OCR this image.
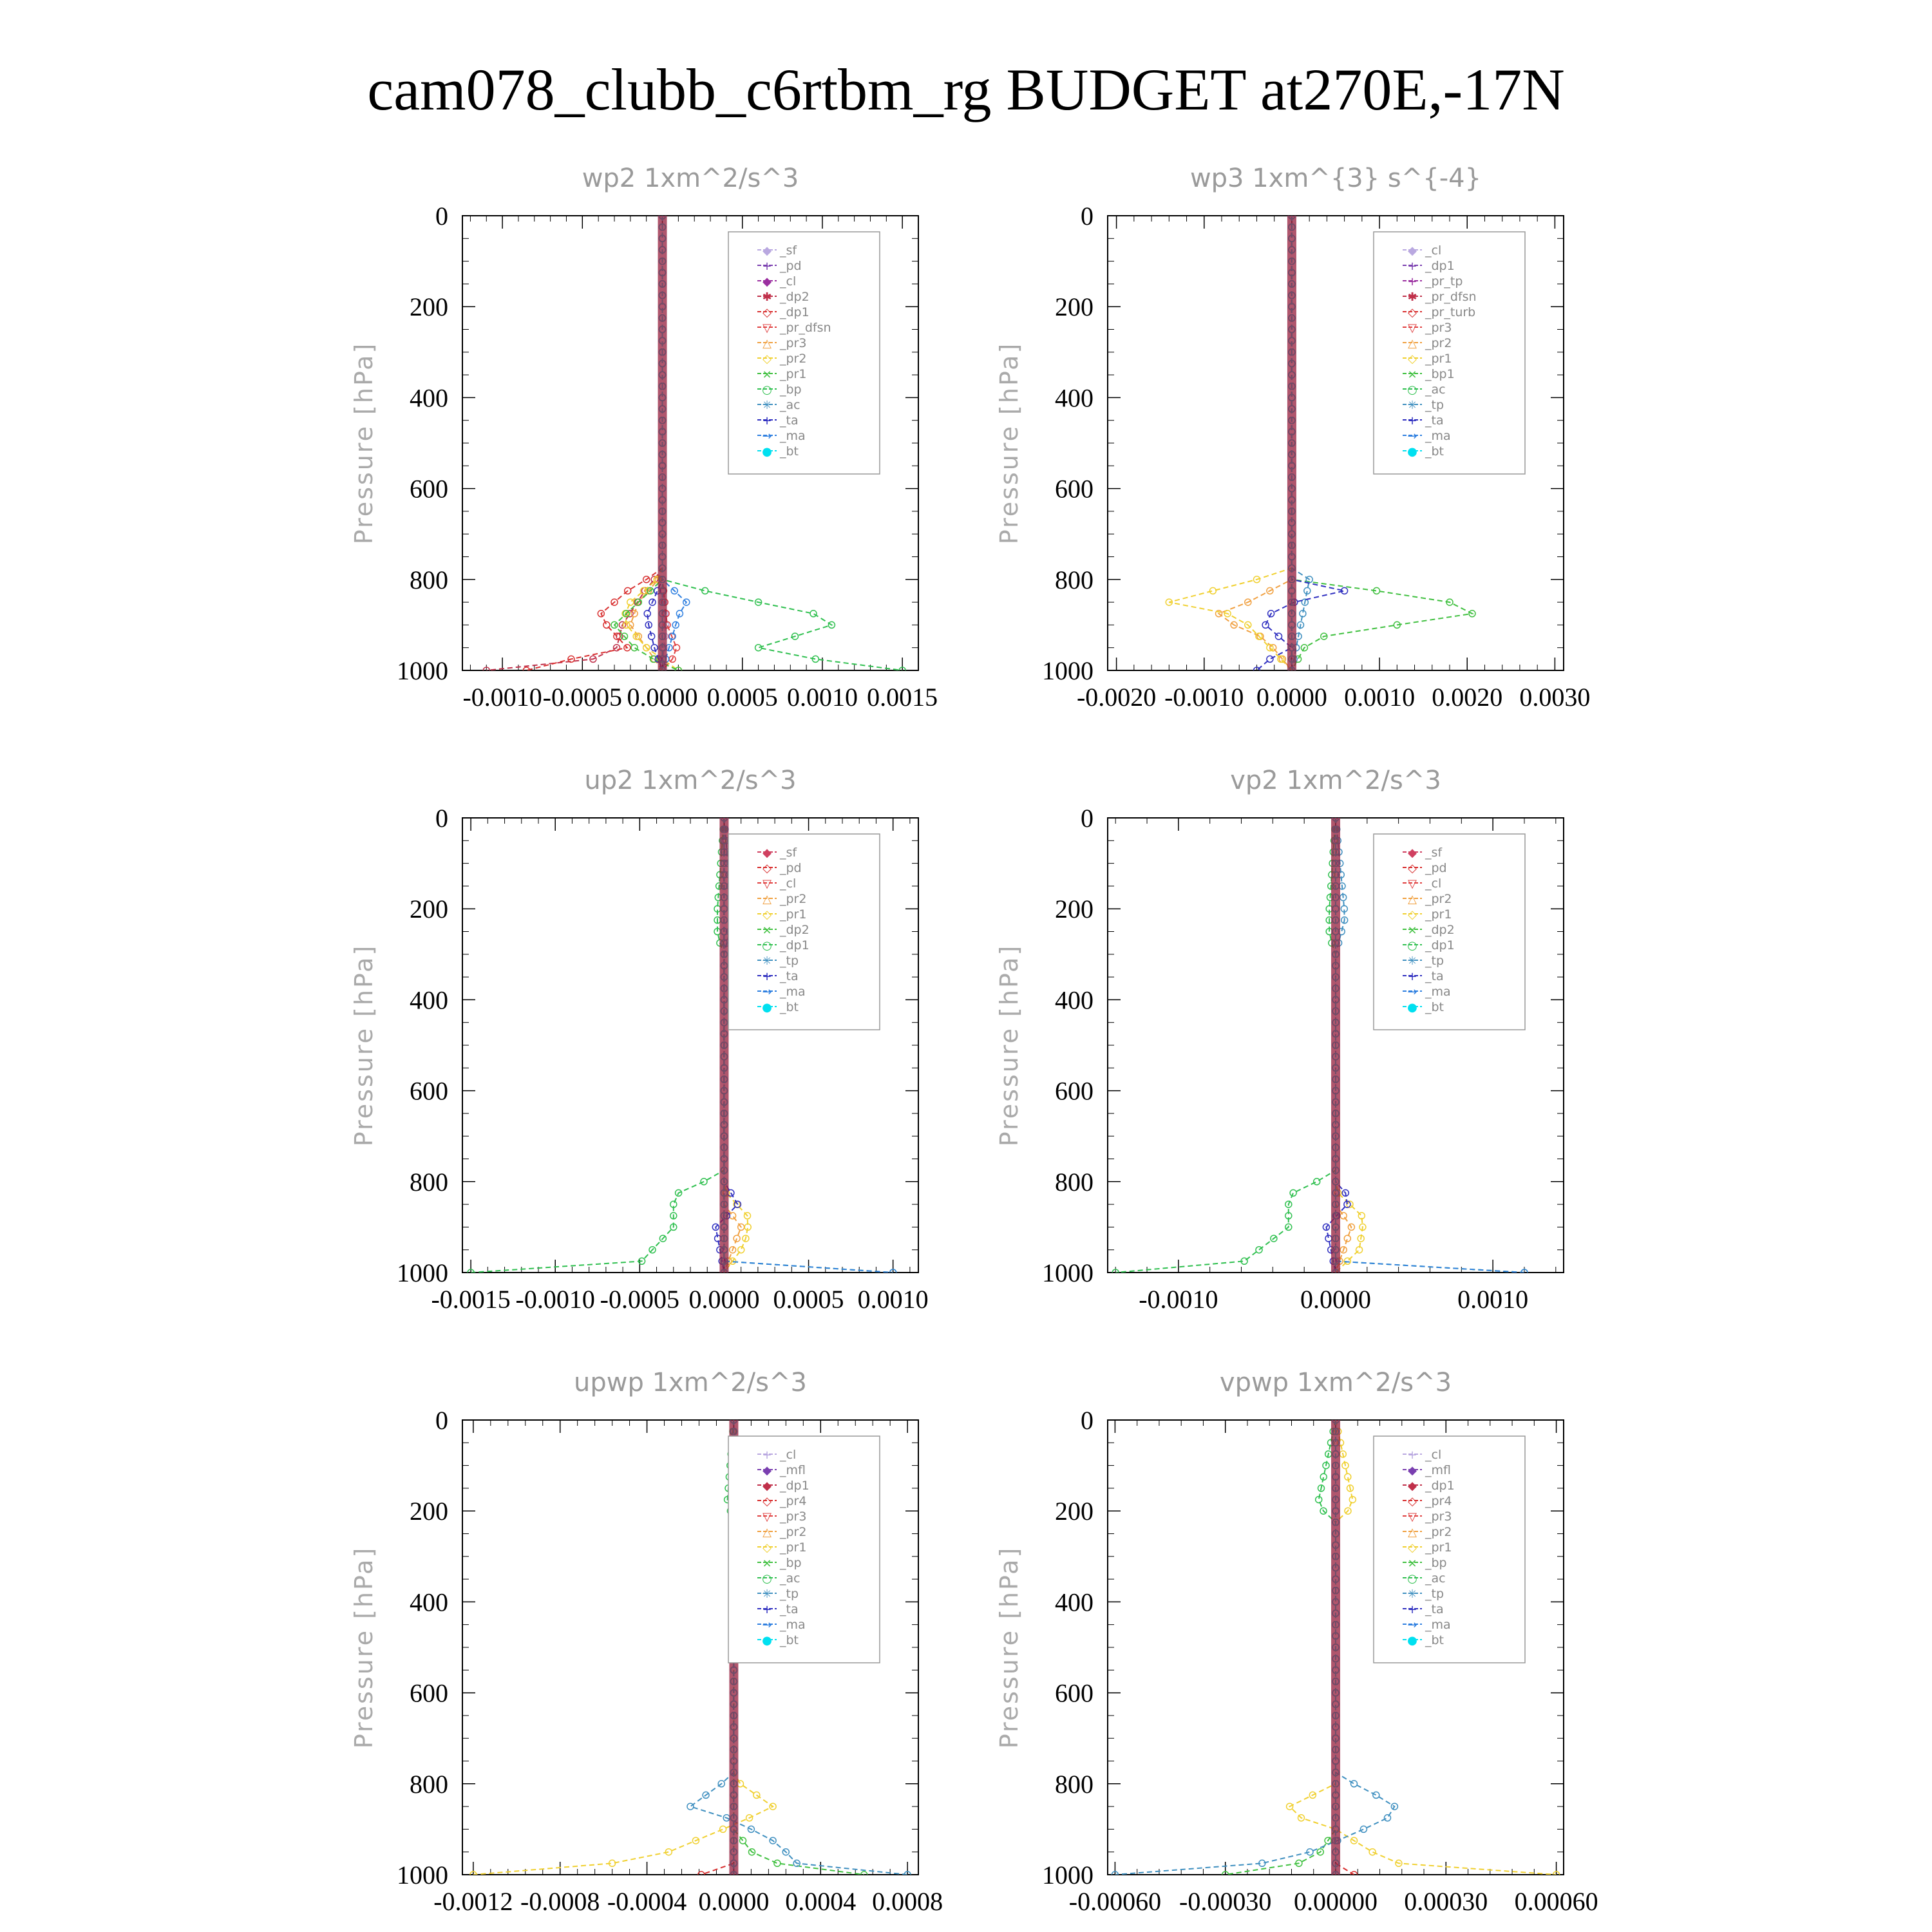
cam078_clubb_c6rtbm_rg BUDGET at270E,-17N
wp2 1xm^2/s^3
Pressure [hPa]
0
200
400
600
800
1000
-0.0010 -0.0005 0.0000 0.0005 0.0010 0.0015
◆ _sf
+ _pd
◆ _cl
✱ _dp2
◇ _dp1
▽ _pr_dfsn
△ _pr3
◇ _pr2
× _pr1
○ _bp
✳ _ac
+ _ta
→ _ma
● _bt
wp3 1xm^{3} s^{-4}
Pressure [hPa]
0
200
400
600
800
1000
-0.0020 -0.0010 0.0000 0.0010 0.0020 0.0030
◆ _cl
+ _dp1
+ _pr_tp
✱ _pr_dfsn
◇ _pr_turb
▽ _pr3
△ _pr2
◇ _pr1
× _bp1
○ _ac
✳ _tp
+ _ta
→ _ma
● _bt
up2 1xm^2/s^3
Pressure [hPa]
0
200
400
600
800
1000
-0.0015 -0.0010 -0.0005 0.0000 0.0005 0.0010
◆ _sf
◇ _pd
▽ _cl
△ _pr2
◇ _pr1
× _dp2
○ _dp1
✳ _tp
+ _ta
→ _ma
● _bt
vp2 1xm^2/s^3
Pressure [hPa]
0
200
400
600
800
1000
-0.0010	0.0000	0.0010
◆ _sf
◇ _pd
▽ _cl
△ _pr2
◇ _pr1
× _dp2
○ _dp1
✳ _tp
+ _ta
→ _ma
● _bt
upwp 1xm^2/s^3
Pressure [hPa]
0
200
400
600
800
1000
-0.0012 -0.0008 -0.0004 0.0000 0.0004 0.0008
+ _cl
◆ _mfl
◆ _dp1
◇ _pr4
▽ _pr3
△ _pr2
◇ _pr1
× _bp
○ _ac
✳ _tp
+ _ta
→ _ma
● _bt
vpwp 1xm^2/s^3
Pressure [hPa]
0
200
400
600
800
1000
-0.00060 -0.00030 0.00000 0.00030 0.00060
+ _cl
◆ _mfl
◆ _dp1
◇ _pr4
▽ _pr3
△ _pr2
◇ _pr1
× _bp
○ _ac
✳ _tp
+ _ta
→ _ma
● _bt
